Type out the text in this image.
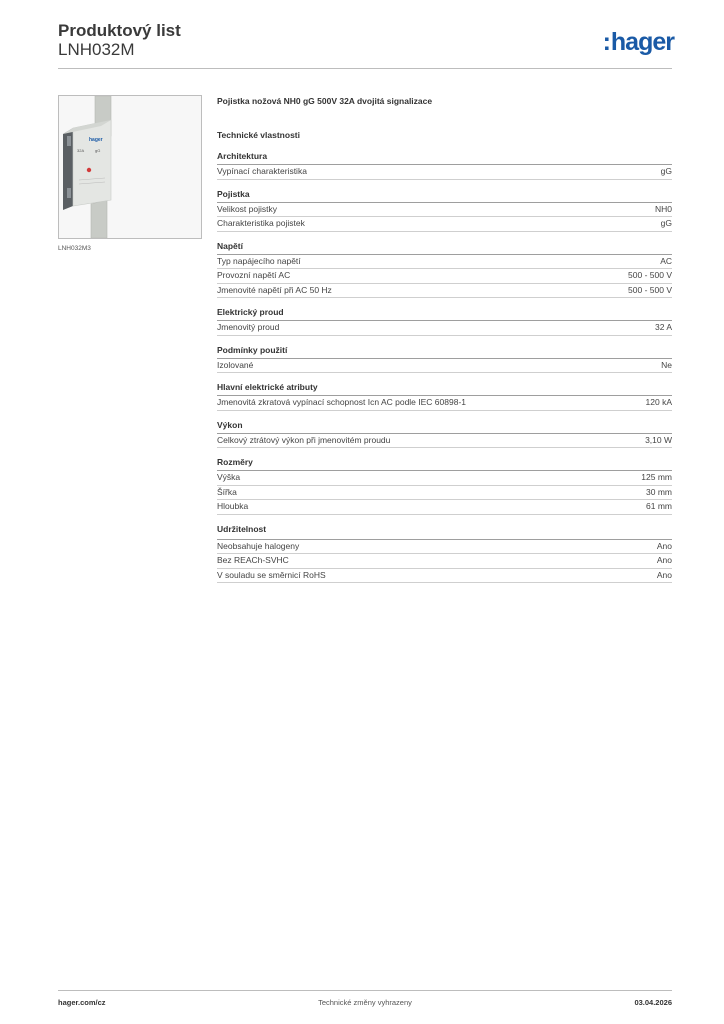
Produktový list
LNH032M	:hager
hager
32A	gG
LNH032M3
Pojistka nožová NH0 gG 500V 32A dvojitá signalizace
Technické vlastnosti
Architektura
Vypínací charakteristika	gG
Pojistka
Velikost pojistky	NH0
Charakteristika pojistek	gG
Napětí
Typ napájecího napětí	AC
Provozní napětí AC	500 - 500 V
Jmenovité napětí při AC 50 Hz	500 - 500 V
Elektrický proud
Jmenovitý proud	32 A
Podmínky použití
Izolované	Ne
Hlavní elektrické atributy
Jmenovitá zkratová vypínací schopnost Icn AC podle IEC 60898-1	120 kA
Výkon
Celkový ztrátový výkon při jmenovitém proudu	3,10 W
Rozměry
Výška	125 mm
Šířka	30 mm
Hloubka	61 mm
Udržitelnost
Neobsahuje halogeny	Ano
Bez REACh-SVHC	Ano
V souladu se směrnicí RoHS	Ano
hager.com/cz	Technické změny vyhrazeny	03.04.2026
